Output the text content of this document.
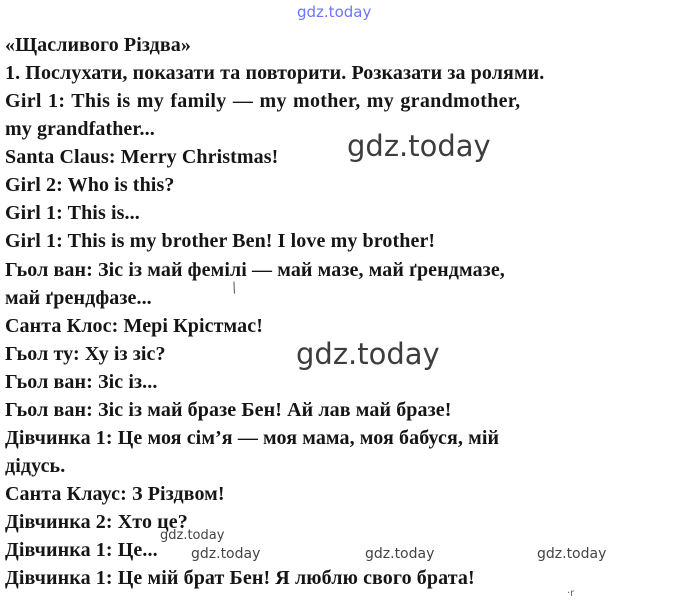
gdz.today
«Щасливого Різдва»
1. Послухати, показати та повторити. Розказати за ролями.
Girl 1: This is my family — my mother, my grandmother,
my grandfather...
Santa Claus: Merry Christmas!
Girl 2: Who is this?
Girl 1: This is...
Girl 1: This is my brother Ben! I love my brother!
Гьол ван: Зіс із май фемілі — май мазе, май ґрендмазе,
май ґрендфазе...
Санта Клос: Мері Крістмас!
Гьол ту: Ху із зіс?
Гьол ван: Зіс із...
Гьол ван: Зіс із май бразе Бен! Ай лав май бразе!
Дівчинка 1: Це моя сім’я — моя мама, моя бабуся, мій
дідусь.
Санта Клаус: З Різдвом!
Дівчинка 2: Хто це?
Дівчинка 1: Це...
Дівчинка 1: Це мій брат Бен! Я люблю свого брата!
gdz.today
gdz.today
gdz.today
gdz.today	gdz.today	gdz.today
/
·r
